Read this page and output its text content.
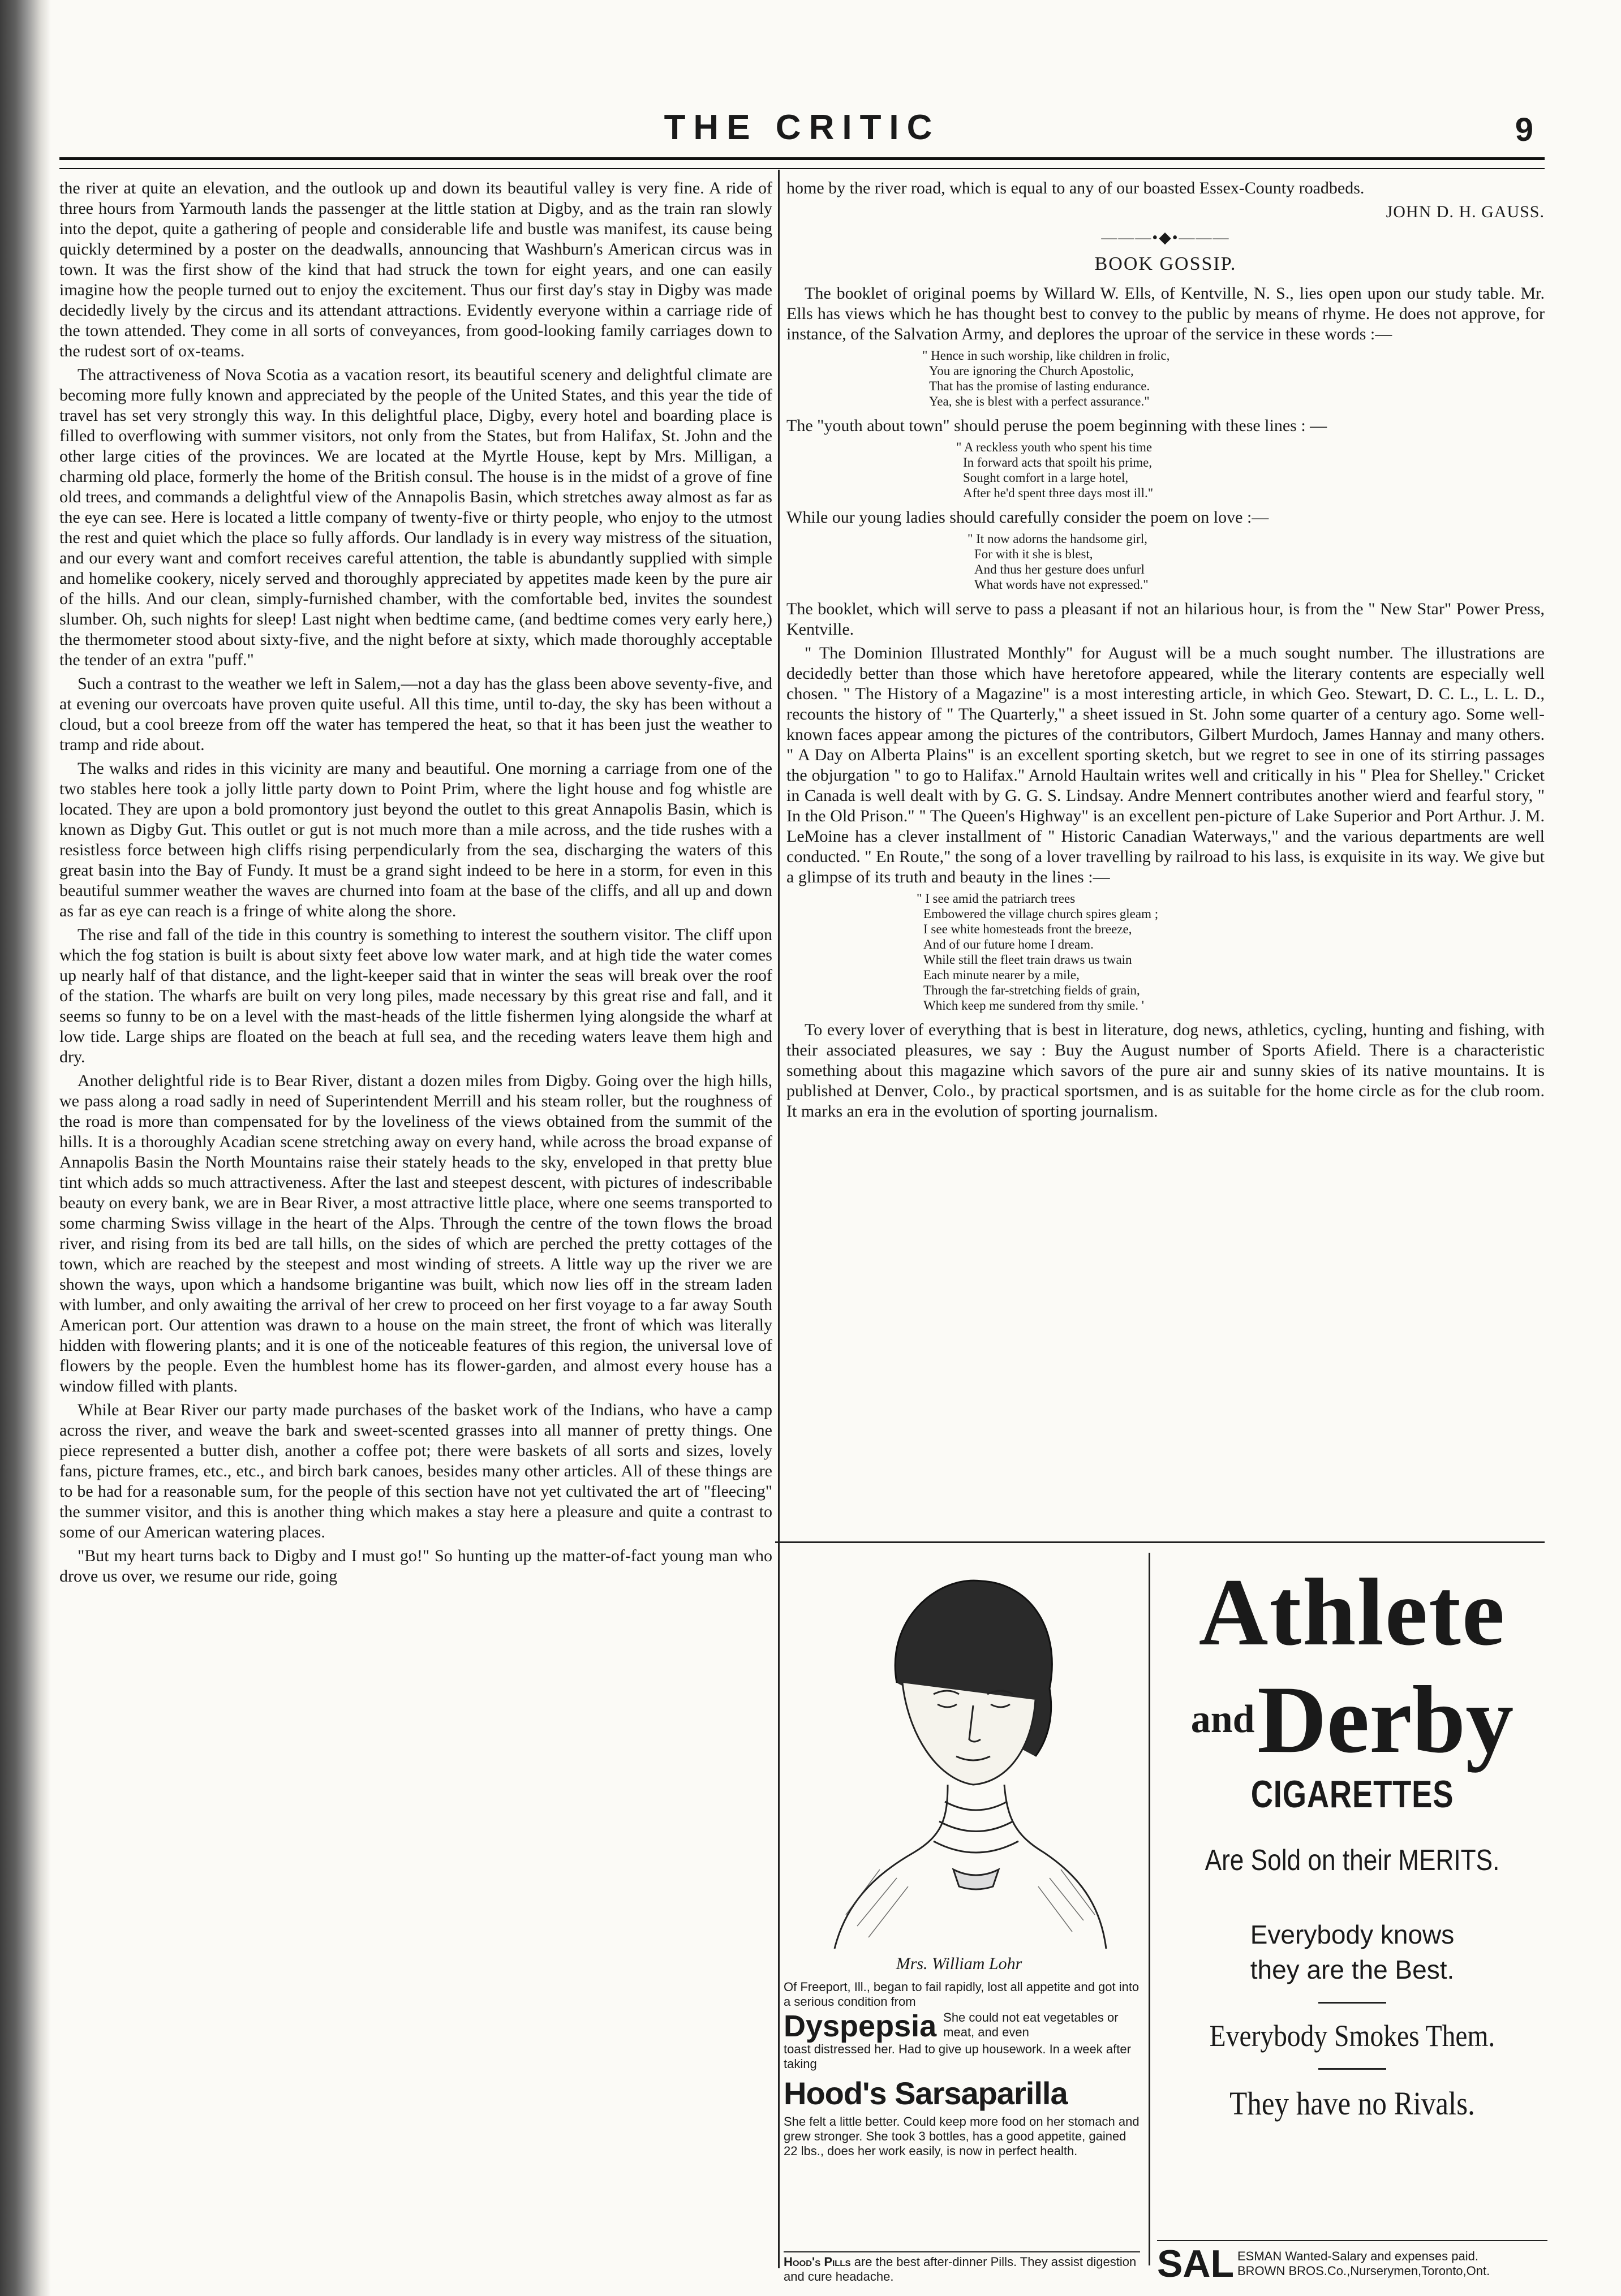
THE CRITIC	9

the river at quite an elevation, and the outlook up and down its beautiful valley is very fine. A ride of three hours from Yarmouth lands the passenger at the little station at Digby, and as the train ran slowly into the depot, quite a gathering of people and considerable life and bustle was manifest, its cause being quickly determined by a poster on the deadwalls, announcing that Washburn's American circus was in town. It was the first show of the kind that had struck the town for eight years, and one can easily imagine how the people turned out to enjoy the excitement. Thus our first day's stay in Digby was made decidedly lively by the circus and its attendant attractions. Evidently everyone within a carriage ride of the town attended. They come in all sorts of conveyances, from good-looking family carriages down to the rudest sort of ox-teams.

The attractiveness of Nova Scotia as a vacation resort, its beautiful scenery and delightful climate are becoming more fully known and appreciated by the people of the United States, and this year the tide of travel has set very strongly this way. In this delightful place, Digby, every hotel and boarding place is filled to overflowing with summer visitors, not only from the States, but from Halifax, St. John and the other large cities of the provinces. We are located at the Myrtle House, kept by Mrs. Milligan, a charming old place, formerly the home of the British consul. The house is in the midst of a grove of fine old trees, and commands a delightful view of the Annapolis Basin, which stretches away almost as far as the eye can see. Here is located a little company of twenty-five or thirty people, who enjoy to the utmost the rest and quiet which the place so fully affords. Our landlady is in every way mistress of the situation, and our every want and comfort receives careful attention, the table is abundantly supplied with simple and homelike cookery, nicely served and thoroughly appreciated by appetites made keen by the pure air of the hills. And our clean, simply-furnished chamber, with the comfortable bed, invites the soundest slumber. Oh, such nights for sleep! Last night when bedtime came, (and bedtime comes very early here,) the thermometer stood about sixty-five, and the night before at sixty, which made thoroughly acceptable the tender of an extra "puff."

Such a contrast to the weather we left in Salem,—not a day has the glass been above seventy-five, and at evening our overcoats have proven quite useful. All this time, until to-day, the sky has been without a cloud, but a cool breeze from off the water has tempered the heat, so that it has been just the weather to tramp and ride about.

The walks and rides in this vicinity are many and beautiful. One morning a carriage from one of the two stables here took a jolly little party down to Point Prim, where the light house and fog whistle are located. They are upon a bold promontory just beyond the outlet to this great Annapolis Basin, which is known as Digby Gut. This outlet or gut is not much more than a mile across, and the tide rushes with a resistless force between high cliffs rising perpendicularly from the sea, discharging the waters of this great basin into the Bay of Fundy. It must be a grand sight indeed to be here in a storm, for even in this beautiful summer weather the waves are churned into foam at the base of the cliffs, and all up and down as far as eye can reach is a fringe of white along the shore.

The rise and fall of the tide in this country is something to interest the southern visitor. The cliff upon which the fog station is built is about sixty feet above low water mark, and at high tide the water comes up nearly half of that distance, and the light-keeper said that in winter the seas will break over the roof of the station. The wharfs are built on very long piles, made necessary by this great rise and fall, and it seems so funny to be on a level with the mast-heads of the little fishermen lying alongside the wharf at low tide. Large ships are floated on the beach at full sea, and the receding waters leave them high and dry.

Another delightful ride is to Bear River, distant a dozen miles from Digby. Going over the high hills, we pass along a road sadly in need of Superintendent Merrill and his steam roller, but the roughness of the road is more than compensated for by the loveliness of the views obtained from the summit of the hills. It is a thoroughly Acadian scene stretching away on every hand, while across the broad expanse of Annapolis Basin the North Mountains raise their stately heads to the sky, enveloped in that pretty blue tint which adds so much attractiveness. After the last and steepest descent, with pictures of indescribable beauty on every bank, we are in Bear River, a most attractive little place, where one seems transported to some charming Swiss village in the heart of the Alps. Through the centre of the town flows the broad river, and rising from its bed are tall hills, on the sides of which are perched the pretty cottages of the town, which are reached by the steepest and most winding of streets. A little way up the river we are shown the ways, upon which a handsome brigantine was built, which now lies off in the stream laden with lumber, and only awaiting the arrival of her crew to proceed on her first voyage to a far away South American port. Our attention was drawn to a house on the main street, the front of which was literally hidden with flowering plants; and it is one of the noticeable features of this region, the universal love of flowers by the people. Even the humblest home has its flower-garden, and almost every house has a window filled with plants.

While at Bear River our party made purchases of the basket work of the Indians, who have a camp across the river, and weave the bark and sweet-scented grasses into all manner of pretty things. One piece represented a butter dish, another a coffee pot; there were baskets of all sorts and sizes, lovely fans, picture frames, etc., etc., and birch bark canoes, besides many other articles. All of these things are to be had for a reasonable sum, for the people of this section have not yet cultivated the art of "fleecing" the summer visitor, and this is another thing which makes a stay here a pleasure and quite a contrast to some of our American watering places.

"But my heart turns back to Digby and I must go!" So hunting up the matter-of-fact young man who drove us over, we resume our ride, going

home by the river road, which is equal to any of our boasted Essex-County roadbeds.

JOHN D. H. GAUSS.
———•◆•———
BOOK GOSSIP.

The booklet of original poems by Willard W. Ells, of Kentville, N. S., lies open upon our study table. Mr. Ells has views which he has thought best to convey to the public by means of rhyme. He does not approve, for instance, of the Salvation Army, and deplores the uproar of the service in these words :—

" Hence in such worship, like children in frolic,
You are ignoring the Church Apostolic,
That has the promise of lasting endurance.
Yea, she is blest with a perfect assurance."

The "youth about town" should peruse the poem beginning with these lines : —

" A reckless youth who spent his time
In forward acts that spoilt his prime,
Sought comfort in a large hotel,
After he'd spent three days most ill."

While our young ladies should carefully consider the poem on love :—

" It now adorns the handsome girl,
For with it she is blest,
And thus her gesture does unfurl
What words have not expressed."

The booklet, which will serve to pass a pleasant if not an hilarious hour, is from the " New Star" Power Press, Kentville.

" The Dominion Illustrated Monthly" for August will be a much sought number. The illustrations are decidedly better than those which have heretofore appeared, while the literary contents are especially well chosen. " The History of a Magazine" is a most interesting article, in which Geo. Stewart, D. C. L., L. L. D., recounts the history of " The Quarterly," a sheet issued in St. John some quarter of a century ago. Some well-known faces appear among the pictures of the contributors, Gilbert Murdoch, James Hannay and many others. " A Day on Alberta Plains" is an excellent sporting sketch, but we regret to see in one of its stirring passages the objurgation " to go to Halifax." Arnold Haultain writes well and critically in his " Plea for Shelley." Cricket in Canada is well dealt with by G. G. S. Lindsay. Andre Mennert contributes another wierd and fearful story, " In the Old Prison." " The Queen's Highway" is an excellent pen-picture of Lake Superior and Port Arthur. J. M. LeMoine has a clever installment of " Historic Canadian Waterways," and the various departments are well conducted. " En Route," the song of a lover travelling by railroad to his lass, is exquisite in its way. We give but a glimpse of its truth and beauty in the lines :—

" I see amid the patriarch trees
Embowered the village church spires gleam ;
I see white homesteads front the breeze,
And of our future home I dream.
While still the fleet train draws us twain
Each minute nearer by a mile,
Through the far-stretching fields of grain,
Which keep me sundered from thy smile. '

To every lover of everything that is best in literature, dog news, athletics, cycling, hunting and fishing, with their associated pleasures, we say : Buy the August number of Sports Afield. There is a characteristic something about this magazine which savors of the pure air and sunny skies of its native mountains. It is published at Denver, Colo., by practical sportsmen, and is as suitable for the home circle as for the club room. It marks an era in the evolution of sporting journalism.

Mrs. William Lohr

Of Freeport, Ill., began to fail rapidly, lost all appetite and got into a serious condition from

Dyspepsia She could not eat vegetables or meat, and even

toast distressed her. Had to give up housework. In a week after taking

Hood's Sarsaparilla

She felt a little better. Could keep more food on her stomach and grew stronger. She took 3 bottles, has a good appetite, gained 22 lbs., does her work easily, is now in perfect health.

Hood's Pills are the best after-dinner Pills. They assist digestion and cure headache.
Athlete
and Derby
CIGARETTES
Are Sold on their MERITS.
Everybody knows
they are the Best.
Everybody Smokes Them.
They have no Rivals.
SAL ESMAN Wanted-Salary and expenses paid.
BROWN BROS.Co.,Nurserymen,Toronto,Ont.
